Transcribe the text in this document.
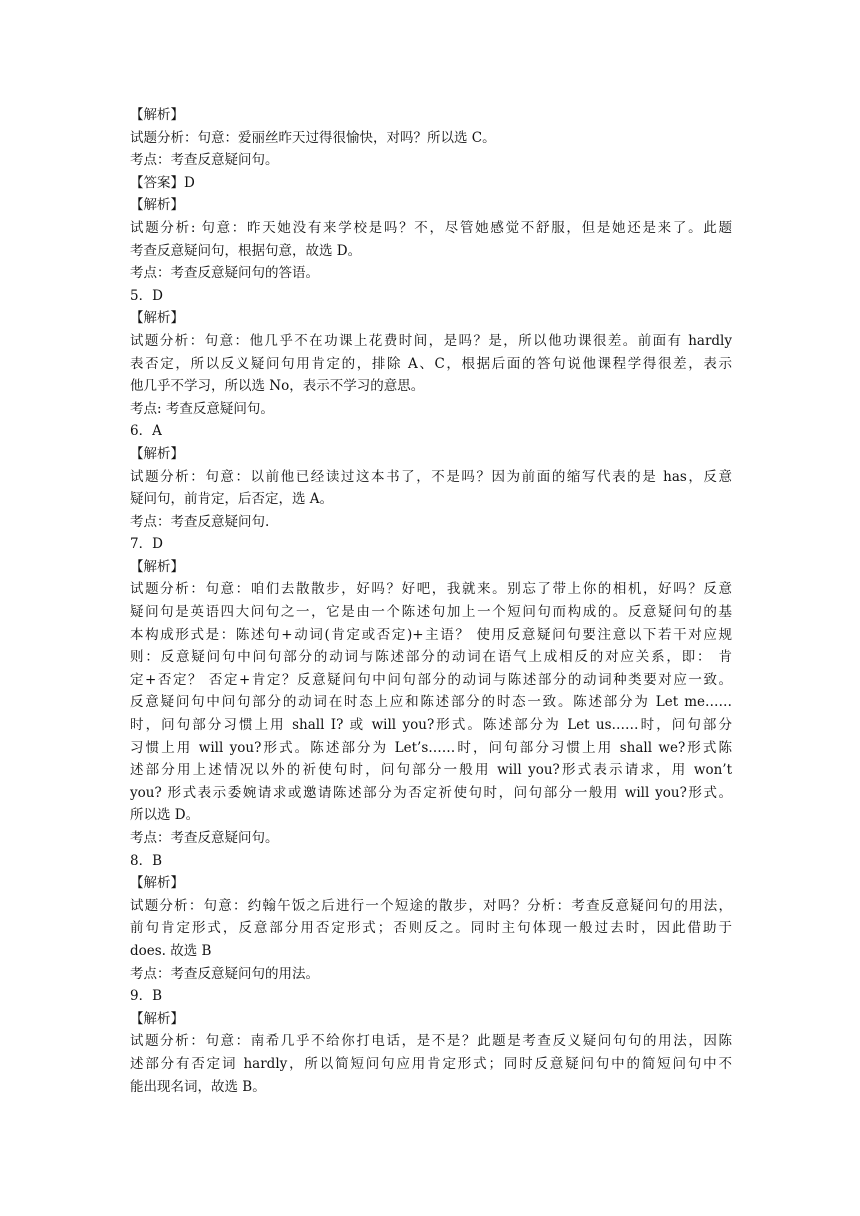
【解析】
试题分析：句意：爱丽丝昨天过得很愉快，对吗？所以选 C。
考点：考查反意疑问句。
【答案】D
【解析】
试题分析: 句意：昨天她没有来学校是吗？不，尽管她感觉不舒服，但是她还是来了。此题
考查反意疑问句，根据句意，故选 D。
考点：考查反意疑问句的答语。
5．D
【解析】
试题分析：句意：他几乎不在功课上花费时间，是吗？是，所以他功课很差。前面有 hardly
表否定，所以反义疑问句用肯定的，排除 A、C，根据后面的答句说他课程学得很差，表示
他几乎不学习，所以选 No，表示不学习的意思。
考点: 考查反意疑问句。
6．A
【解析】
试题分析：句意：以前他已经读过这本书了，不是吗？因为前面的缩写代表的是 has，反意
疑问句，前肯定，后否定，选 A。
考点：考查反意疑问句.
7．D
【解析】
试题分析：句意：咱们去散散步，好吗？好吧，我就来。别忘了带上你的相机，好吗？反意
疑问句是英语四大问句之一，它是由一个陈述句加上一个短问句而构成的。反意疑问句的基
本构成形式是：陈述句+动词(肯定或否定)+主语？ 使用反意疑问句要注意以下若干对应规
则：反意疑问句中问句部分的动词与陈述部分的动词在语气上成相反的对应关系，即： 肯
定+否定？ 否定+肯定？反意疑问句中问句部分的动词与陈述部分的动词种类要对应一致。
反意疑问句中问句部分的动词在时态上应和陈述部分的时态一致。陈述部分为 Let me……
时，问句部分习惯上用 shall I? 或 will you?形式。陈述部分为 Let us……时，问句部分
习惯上用 will you?形式。陈述部分为 Let’s……时，问句部分习惯上用 shall we?形式陈
述部分用上述情况以外的祈使句时，问句部分一般用 will you?形式表示请求，用 won’t
you? 形式表示委婉请求或邀请陈述部分为否定祈使句时，问句部分一般用 will you?形式。
所以选 D。
考点：考查反意疑问句。
8．B
【解析】
试题分析：句意：约翰午饭之后进行一个短途的散步，对吗？分析：考查反意疑问句的用法，
前句肯定形式，反意部分用否定形式；否则反之。同时主句体现一般过去时，因此借助于
does. 故选 B
考点：考查反意疑问句的用法。
9．B
【解析】
试题分析：句意：南希几乎不给你打电话，是不是？此题是考查反义疑问句句的用法，因陈
述部分有否定词 hardly，所以简短问句应用肯定形式；同时反意疑问句中的简短问句中不
能出现名词，故选 B。
